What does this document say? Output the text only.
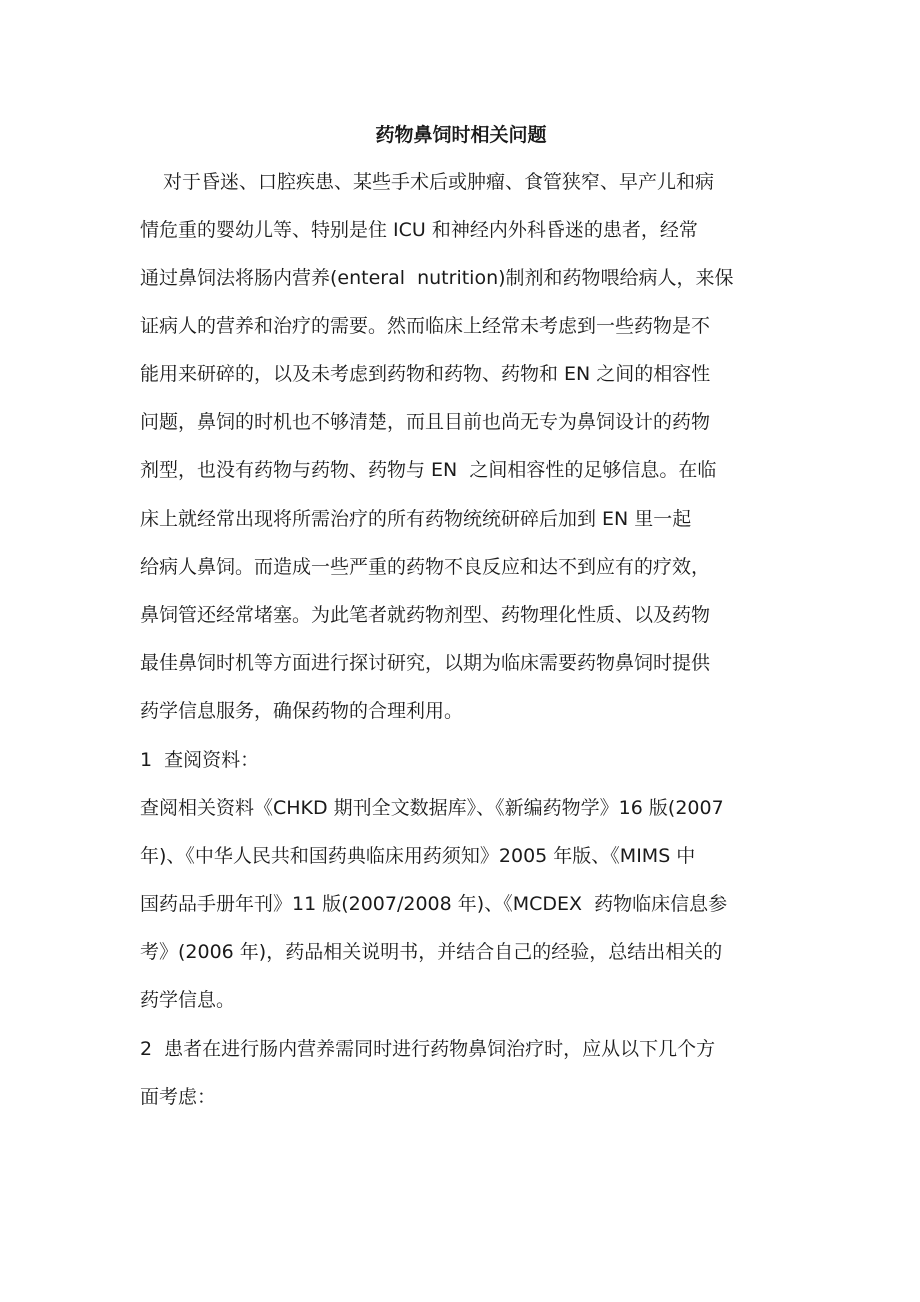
药物鼻饲时相关问题

对于昏迷、口腔疾患、某些手术后或肿瘤、食管狭窄、早产儿和病

情危重的婴幼儿等、特别是住 ICU 和神经内外科昏迷的患者，经常

通过鼻饲法将肠内营养(enteral  nutrition)制剂和药物喂给病人，来保

证病人的营养和治疗的需要。然而临床上经常未考虑到一些药物是不

能用来研碎的，以及未考虑到药物和药物、药物和 EN 之间的相容性

问题，鼻饲的时机也不够清楚，而且目前也尚无专为鼻饲设计的药物

剂型，也没有药物与药物、药物与 EN  之间相容性的足够信息。在临

床上就经常出现将所需治疗的所有药物统统研碎后加到 EN 里一起

给病人鼻饲。而造成一些严重的药物不良反应和达不到应有的疗效，

鼻饲管还经常堵塞。为此笔者就药物剂型、药物理化性质、以及药物

最佳鼻饲时机等方面进行探讨研究，以期为临床需要药物鼻饲时提供

药学信息服务，确保药物的合理利用。

1  查阅资料：

查阅相关资料《CHKD 期刊全文数据库》、《新编药物学》16 版(2007

年)、《中华人民共和国药典临床用药须知》2005 年版、《MIMS 中

国药品手册年刊》11 版(2007/2008 年)、《MCDEX  药物临床信息参

考》(2006 年)，药品相关说明书，并结合自己的经验，总结出相关的

药学信息。

2  患者在进行肠内营养需同时进行药物鼻饲治疗时，应从以下几个方

面考虑：
